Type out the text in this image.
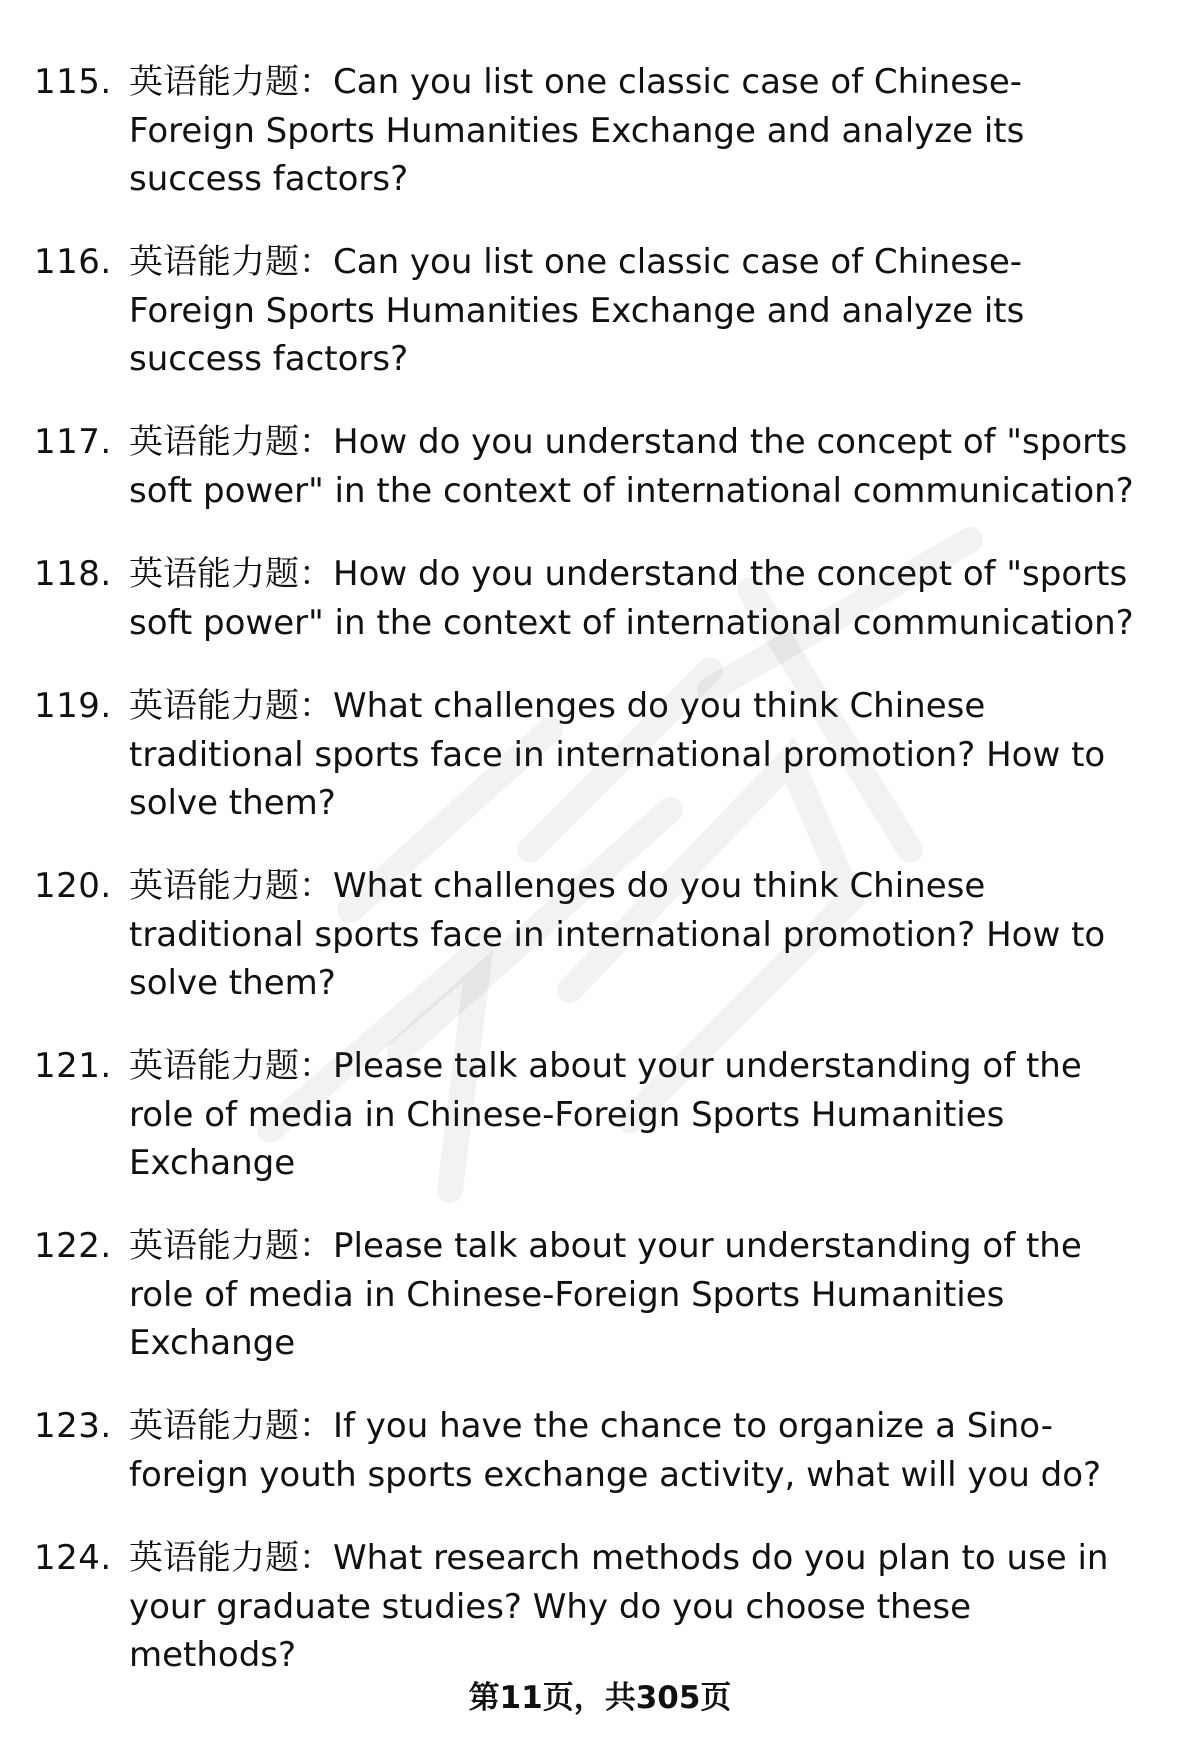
115. 英语能力题：Can you list one classic case of Chinese-
Foreign Sports Humanities Exchange and analyze its
success factors?
116. 英语能力题：Can you list one classic case of Chinese-
Foreign Sports Humanities Exchange and analyze its
success factors?
117. 英语能力题：How do you understand the concept of "sports
soft power" in the context of international communication?
118. 英语能力题：How do you understand the concept of "sports
soft power" in the context of international communication?
119. 英语能力题：What challenges do you think Chinese
traditional sports face in international promotion? How to
solve them?
120. 英语能力题：What challenges do you think Chinese
traditional sports face in international promotion? How to
solve them?
121. 英语能力题：Please talk about your understanding of the
role of media in Chinese-Foreign Sports Humanities
Exchange
122. 英语能力题：Please talk about your understanding of the
role of media in Chinese-Foreign Sports Humanities
Exchange
123. 英语能力题：If you have the chance to organize a Sino-
foreign youth sports exchange activity, what will you do?
124. 英语能力题：What research methods do you plan to use in
your graduate studies? Why do you choose these
methods?
第11页，共305页
